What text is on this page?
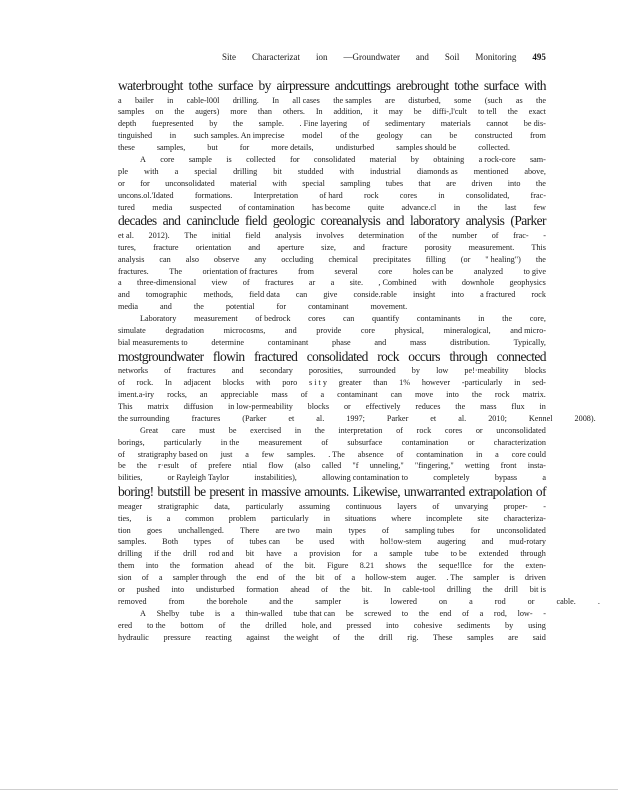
Site Characterizat ion —Groundwater and Soil Monitoring 495
waterbrought tothe surface by airpressure andcuttings arebrought tothe surface with
a bailer in cable-l00l drilling. In all cases the samples are disturbed, some (such as the
samples on the augers) more than others. In addition, it may be diffi-,l'cult to tell the exact
depth fuepresented by the sample. . Fine layering of sedimentary materials cannot be dis-
tinguished in such samples. An imprecise model of the geology can be constructed from
these	samples,	but	for	more details,	undisturbed	samples should be	collected.
A core sample is collected for consolidated material by obtaining a rock-core sam-
ple with a special drilling bit studded with industrial diamonds as mentioned above,
or for unconsolidated material with special sampling tubes that are driven into the
uncons.ol.'Idated	formations.	Interpretation	of hard	rock	cores	in	consolidated,	frac-
tured media suspected of contamination has become quite advance.cl in the last few
decades and caninclude field geologic coreanalysis and laboratory analysis (Parker
et al. 2012). The initial field analysis involves determination of the number of frac- -
tures, fracture orientation and aperture size, and fracture porosity measurement. This
analysis can also observe any occluding chemical precipitates filling (or " healing") the
fractures.	The	orientation of fractures	from	several	core	holes can be	analyzed	to give
a three-dimensional view of fractures ar a site. , Combined with downhole geophysics
and tomographic methods, field data can give conside.rable insight into a fractured rock
media	and	the	potential	for	contaminant	movement.
Laboratory measurement of bedrock cores can quantify contaminants in the core,
simulate degradation microcosms, and provide core physical, mineralogical, and micro-
bial measurements to	determine	contaminant	phase	and	mass	distribution.	Typically,
mostgroundwater flowin fractured consolidated rock occurs through connected
networks of fractures and secondary porosities, surrounded by low pe!·meability blocks
of rock. In adjacent blocks with poro s i t y greater than 1% however -particularly in sed-
iment.a-iry rocks, an appreciable mass of a contaminant can move into the rock matrix.
This matrix diffusion in low-permeability blocks or effectively reduces the mass flux in
the surrounding	fractures	(Parker	et	al.	1997;	Parker	et	al.	2010;	Kennel	2008).
Great care must be exercised in the interpretation of rock cores or unconsolidated
borings, particularly in the measurement of subsurface contamination or characterization
of stratigraphy based on just a few samples. . The absence of contamination in a core could
be the r·esult of prefere ntial flow (also called "f unneling," "fingering," wetting front insta-
bilities,	or Rayleigh Taylor	instabilities),	allowing contamination to	completely	bypass	a
boring! butstill be present in massive amounts. Likewise, unwarranted extrapolation of
meager stratigraphic data, particularly assuming continuous layers of unvarying proper- -
ties, is a common problem particularly in situations where incomplete site characteriza-
tion goes unchallenged. There are two main types of sampling tubes for unconsolidated
samples. Both types of tubes can be used with hol!ow-stem augering and mud-rotary
drilling if the drill rod and bit have a provision for a sample tube to be extended through
them into the formation ahead of the bit. Figure 8.21 shows the seque!llce for the exten-
sion of a sampler through the end of the bit of a hollow-stem auger. . The sampler is driven
or pushed into undisturbed formation ahead of the bit. In cable-tool drilling the drill bit is
removed	from	the borehole	and the	sampler	is	lowered	on	a	rod	or	cable.	.
A Shelby tube is a thin-walled tube that can be screwed to the end of a rod, low- -
ered to the bottom of the drilled hole, and pressed into cohesive sediments by using
hydraulic pressure reacting against the weight of the drill rig. These samples are said
